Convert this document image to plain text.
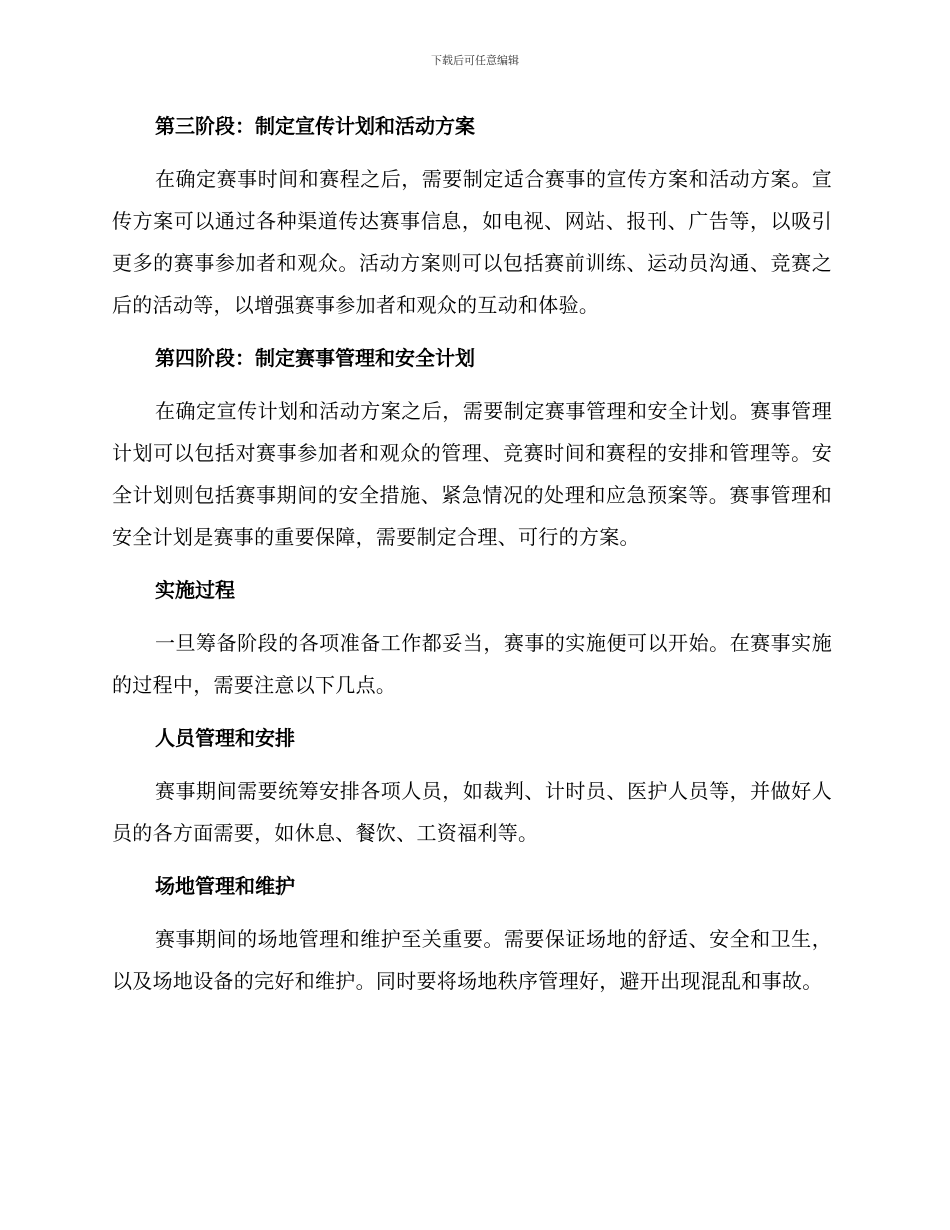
下载后可任意编辑
第三阶段：制定宣传计划和活动方案

在确定赛事时间和赛程之后，需要制定适合赛事的宣传方案和活动方案。宣传方案可以通过各种渠道传达赛事信息，如电视、网站、报刊、广告等，以吸引更多的赛事参加者和观众。活动方案则可以包括赛前训练、运动员沟通、竞赛之后的活动等，以增强赛事参加者和观众的互动和体验。

第四阶段：制定赛事管理和安全计划

在确定宣传计划和活动方案之后，需要制定赛事管理和安全计划。赛事管理计划可以包括对赛事参加者和观众的管理、竞赛时间和赛程的安排和管理等。安全计划则包括赛事期间的安全措施、紧急情况的处理和应急预案等。赛事管理和安全计划是赛事的重要保障，需要制定合理、可行的方案。

实施过程

一旦筹备阶段的各项准备工作都妥当，赛事的实施便可以开始。在赛事实施的过程中，需要注意以下几点。

人员管理和安排

赛事期间需要统筹安排各项人员，如裁判、计时员、医护人员等，并做好人员的各方面需要，如休息、餐饮、工资福利等。

场地管理和维护

赛事期间的场地管理和维护至关重要。需要保证场地的舒适、安全和卫生，以及场地设备的完好和维护。同时要将场地秩序管理好，避开出现混乱和事故。
